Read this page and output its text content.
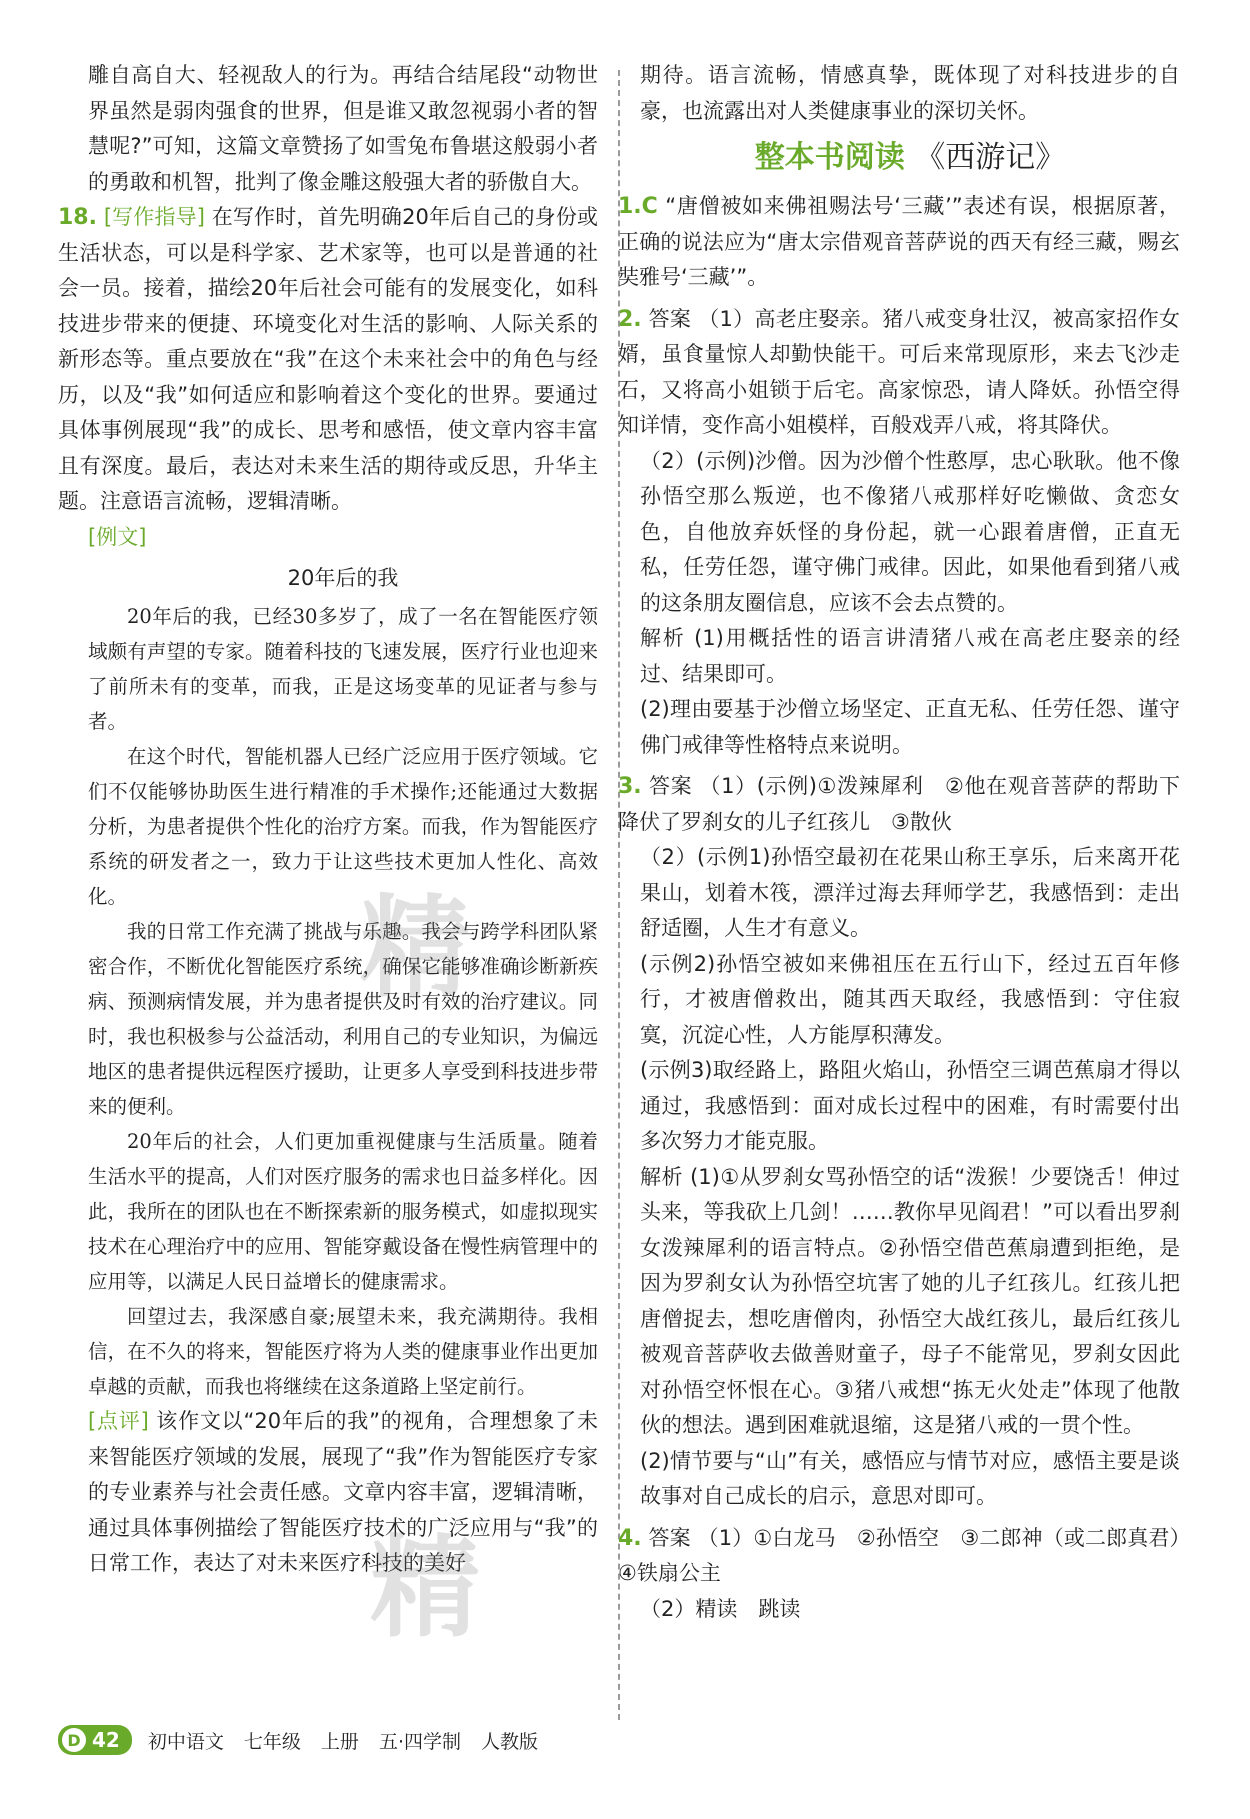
雕自高自大、轻视敌人的行为。再结合结尾段“动物世界虽然是弱肉强食的世界，但是谁又敢忽视弱小者的智慧呢?”可知，这篇文章赞扬了如雪兔布鲁堪这般弱小者的勇敢和机智，批判了像金雕这般强大者的骄傲自大。

18. [写作指导] 在写作时，首先明确20年后自己的身份或生活状态，可以是科学家、艺术家等，也可以是普通的社会一员。接着，描绘20年后社会可能有的发展变化，如科技进步带来的便捷、环境变化对生活的影响、人际关系的新形态等。重点要放在“我”在这个未来社会中的角色与经历，以及“我”如何适应和影响着这个变化的世界。要通过具体事例展现“我”的成长、思考和感悟，使文章内容丰富且有深度。最后，表达对未来生活的期待或反思，升华主题。注意语言流畅，逻辑清晰。

[例文]

20年后的我

20年后的我，已经30多岁了，成了一名在智能医疗领域颇有声望的专家。随着科技的飞速发展，医疗行业也迎来了前所未有的变革，而我，正是这场变革的见证者与参与者。

在这个时代，智能机器人已经广泛应用于医疗领域。它们不仅能够协助医生进行精准的手术操作;还能通过大数据分析，为患者提供个性化的治疗方案。而我，作为智能医疗系统的研发者之一，致力于让这些技术更加人性化、高效化。

我的日常工作充满了挑战与乐趣。我会与跨学科团队紧密合作，不断优化智能医疗系统，确保它能够准确诊断新疾病、预测病情发展，并为患者提供及时有效的治疗建议。同时，我也积极参与公益活动，利用自己的专业知识，为偏远地区的患者提供远程医疗援助，让更多人享受到科技进步带来的便利。

20年后的社会，人们更加重视健康与生活质量。随着生活水平的提高，人们对医疗服务的需求也日益多样化。因此，我所在的团队也在不断探索新的服务模式，如虚拟现实技术在心理治疗中的应用、智能穿戴设备在慢性病管理中的应用等，以满足人民日益增长的健康需求。

回望过去，我深感自豪;展望未来，我充满期待。我相信，在不久的将来，智能医疗将为人类的健康事业作出更加卓越的贡献，而我也将继续在这条道路上坚定前行。

[点评] 该作文以“20年后的我”的视角，合理想象了未来智能医疗领域的发展，展现了“我”作为智能医疗专家的专业素养与社会责任感。文章内容丰富，逻辑清晰，通过具体事例描绘了智能医疗技术的广泛应用与“我”的日常工作，表达了对未来医疗科技的美好

期待。语言流畅，情感真挚，既体现了对科技进步的自豪，也流露出对人类健康事业的深切关怀。

整本书阅读 《西游记》

1.C “唐僧被如来佛祖赐法号‘三藏’”表述有误，根据原著，正确的说法应为“唐太宗借观音菩萨说的西天有经三藏，赐玄奘雅号‘三藏’”。

2. 答案 （1）高老庄娶亲。猪八戒变身壮汉，被高家招作女婿，虽食量惊人却勤快能干。可后来常现原形，来去飞沙走石，又将高小姐锁于后宅。高家惊恐，请人降妖。孙悟空得知详情，变作高小姐模样，百般戏弄八戒，将其降伏。

（2）(示例)沙僧。因为沙僧个性憨厚，忠心耿耿。他不像孙悟空那么叛逆，也不像猪八戒那样好吃懒做、贪恋女色，自他放弃妖怪的身份起，就一心跟着唐僧，正直无私，任劳任怨，谨守佛门戒律。因此，如果他看到猪八戒的这条朋友圈信息，应该不会去点赞的。

解析 (1)用概括性的语言讲清猪八戒在高老庄娶亲的经过、结果即可。

(2)理由要基于沙僧立场坚定、正直无私、任劳任怨、谨守佛门戒律等性格特点来说明。

3. 答案 （1）(示例)①泼辣犀利　②他在观音菩萨的帮助下降伏了罗刹女的儿子红孩儿　③散伙

（2）(示例1)孙悟空最初在花果山称王享乐，后来离开花果山，划着木筏，漂洋过海去拜师学艺，我感悟到：走出舒适圈，人生才有意义。

(示例2)孙悟空被如来佛祖压在五行山下，经过五百年修行，才被唐僧救出，随其西天取经，我感悟到：守住寂寞，沉淀心性，人方能厚积薄发。

(示例3)取经路上，路阻火焰山，孙悟空三调芭蕉扇才得以通过，我感悟到：面对成长过程中的困难，有时需要付出多次努力才能克服。

解析 (1)①从罗刹女骂孙悟空的话“泼猴！少要饶舌！伸过头来，等我砍上几剑！……教你早见阎君！”可以看出罗刹女泼辣犀利的语言特点。②孙悟空借芭蕉扇遭到拒绝，是因为罗刹女认为孙悟空坑害了她的儿子红孩儿。红孩儿把唐僧捉去，想吃唐僧肉，孙悟空大战红孩儿，最后红孩儿被观音菩萨收去做善财童子，母子不能常见，罗刹女因此对孙悟空怀恨在心。③猪八戒想“拣无火处走”体现了他散伙的想法。遇到困难就退缩，这是猪八戒的一贯个性。

(2)情节要与“山”有关，感悟应与情节对应，感悟主要是谈故事对自己成长的启示，意思对即可。

4. 答案 （1）①白龙马　②孙悟空　③二郎神（或二郎真君）　④铁扇公主

（2）精读　跳读

精
精
D 42 初中语文 七年级 上册 五·四学制 人教版
